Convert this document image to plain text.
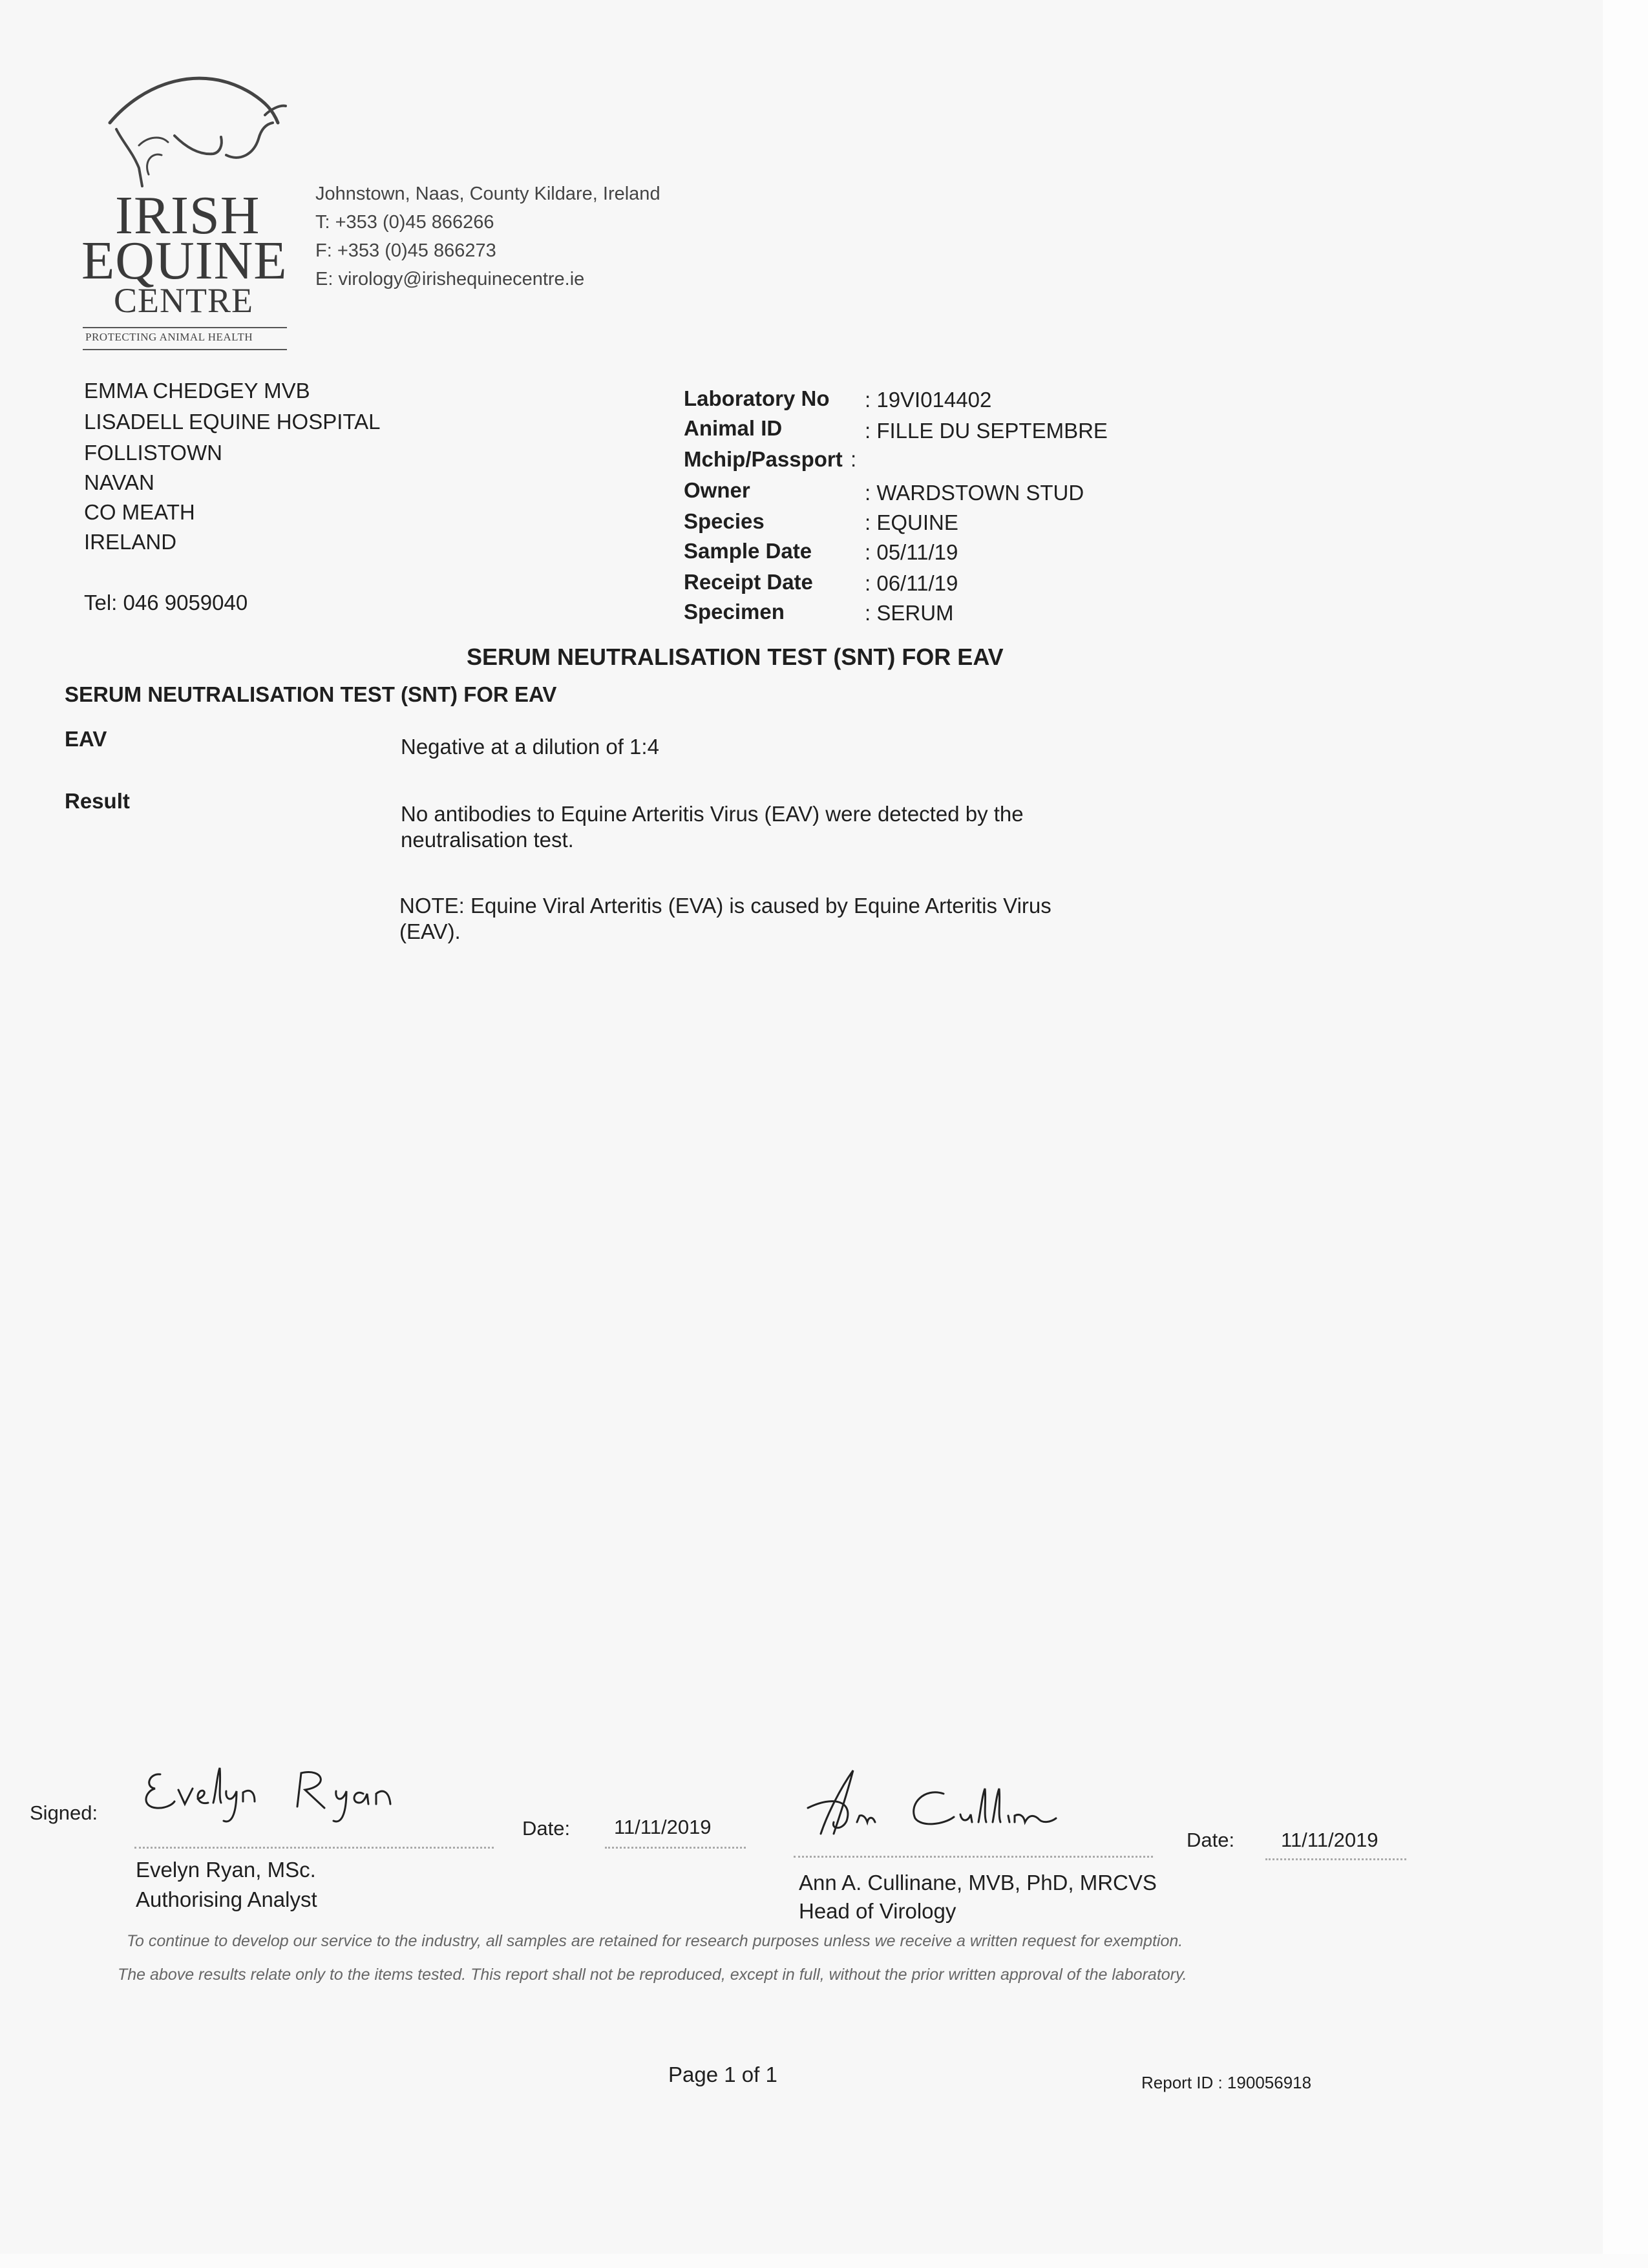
IRISH
EQUINE
CENTRE
PROTECTING ANIMAL HEALTH
Johnstown, Naas, County Kildare, Ireland
T: +353 (0)45 866266
F: +353 (0)45 866273
E: virology@irishequinecentre.ie
EMMA CHEDGEY MVB
LISADELL EQUINE HOSPITAL
FOLLISTOWN
NAVAN
CO MEATH
IRELAND
Tel: 046 9059040
Laboratory No : 19VI014402
Animal ID	: FILLE DU SEPTEMBRE
Mchip/Passport :
Owner	: WARDSTOWN STUD
Species	: EQUINE
Sample Date : 05/11/19
Receipt Date : 06/11/19
Specimen	: SERUM
SERUM NEUTRALISATION TEST (SNT) FOR EAV
SERUM NEUTRALISATION TEST (SNT) FOR EAV
EAV	Negative at a dilution of 1:4
Result
No antibodies to Equine Arteritis Virus (EAV) were detected by the
neutralisation test.
NOTE: Equine Viral Arteritis (EVA) is caused by Equine Arteritis Virus
(EAV).
Signed:
Date: 11/11/2019
Evelyn Ryan, MSc.
Authorising Analyst
Date: 11/11/2019
Ann A. Cullinane, MVB, PhD, MRCVS
Head of Virology
To continue to develop our service to the industry, all samples are retained for research purposes unless we receive a written request for exemption.
The above results relate only to the items tested. This report shall not be reproduced, except in full, without the prior written approval of the laboratory.
Page 1 of 1	Report ID : 190056918
